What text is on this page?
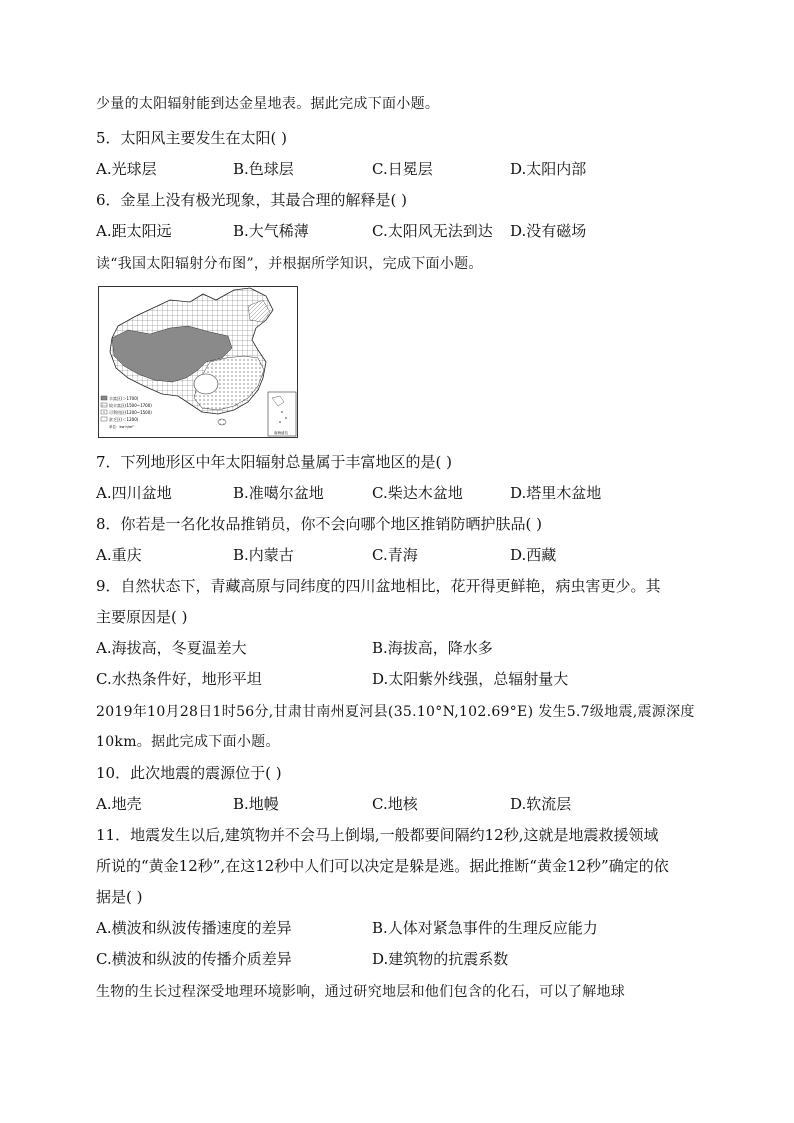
少量的太阳辐射能到达金星地表。据此完成下面小题。
5．太阳风主要发生在太阳( )
A.光球层	B.色球层	C.日冕层	D.太阳内部
6．金星上没有极光现象，其最合理的解释是( )
A.距太阳远	B.大气稀薄	C.太阳风无法到达 D.没有磁场
读“我国太阳辐射分布图”，并根据所学知识，完成下面小题。
丰富区(＞1700)
较丰富区(1500~1700)
可利用区(1200~1500)
贫乏区(＜1200)
单位：kw·h/m²
南海诸岛
7．下列地形区中年太阳辐射总量属于丰富地区的是( )
A.四川盆地	B.准噶尔盆地	C.柴达木盆地	D.塔里木盆地
8．你若是一名化妆品推销员，你不会向哪个地区推销防晒护肤品( )
A.重庆	B.内蒙古	C.青海	D.西藏
9．自然状态下，青藏高原与同纬度的四川盆地相比，花开得更鲜艳，病虫害更少。其
主要原因是( )
A.海拔高，冬夏温差大	B.海拔高，降水多
C.水热条件好，地形平坦	D.太阳紫外线强，总辐射量大
2019年10月28日1时56分,甘肃甘南州夏河县(35.10°N,102.69°E) 发生5.7级地震,震源深度
10km。据此完成下面小题。
10．此次地震的震源位于( )
A.地壳	B.地幔	C.地核	D.软流层
11．地震发生以后,建筑物并不会马上倒塌,一般都要间隔约12秒,这就是地震救援领域
所说的“黄金12秒”,在这12秒中人们可以决定是躲是逃。据此推断“黄金12秒”确定的依
据是( )
A.横波和纵波传播速度的差异	B.人体对紧急事件的生理反应能力
C.横波和纵波的传播介质差异	D.建筑物的抗震系数
生物的生长过程深受地理环境影响，通过研究地层和他们包含的化石，可以了解地球
